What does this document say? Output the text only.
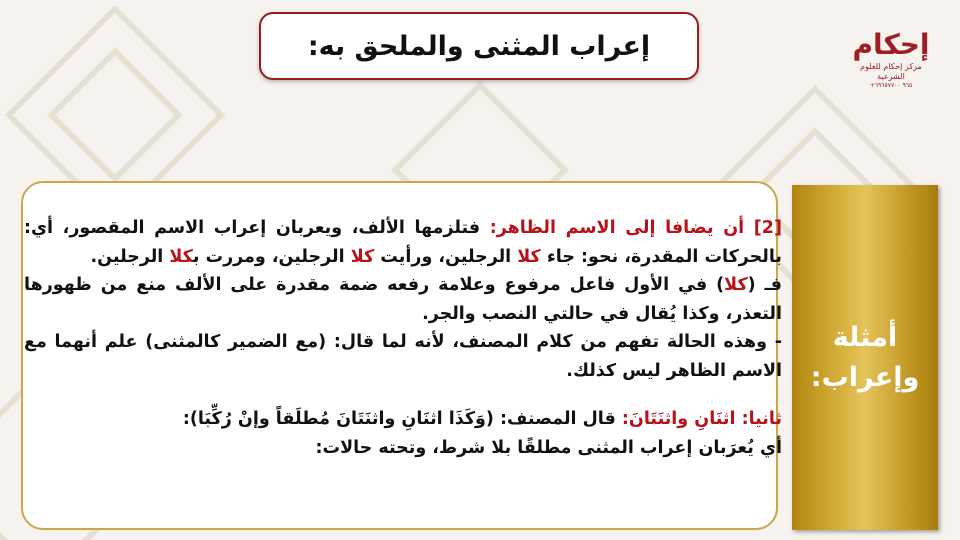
إعراب المثنى والملحق به:	إحكام
مركز إحكام للعلوم الشرعية
+٩٦٥ ٦٩٦٥٧٧٠٠

[2] أن يضافا إلى الاسم الظاهر: فتلزمها الألف، ويعربان إعراب الاسم المقصور، أي: بالحركات المقدرة، نحو: جاء كلا الرجلين، ورأيت كلا الرجلين، ومررت بكلا الرجلين.

فـ (كلا) في الأول فاعل مرفوع وعلامة رفعه ضمة مقدرة على الألف منع من ظهورها التعذر، وكذا يُقال في حالتي النصب والجر.

- وهذه الحالة تفهم من كلام المصنف، لأنه لما قال: (مع الضمير كالمثنى) علم أنهما مع الاسم الظاهر ليس كذلك.

ثانيا: اثنَانِ واثنَتَانَ: قال المصنف: (وَكَذَا اثنَانِ واثنَتَانَ مُطلَقاً وإنْ رُكِّبَا):

أي يُعرَبان إعراب المثنى مطلقًا بلا شرط، وتحته حالات:

أمثلة
وإعراب:
